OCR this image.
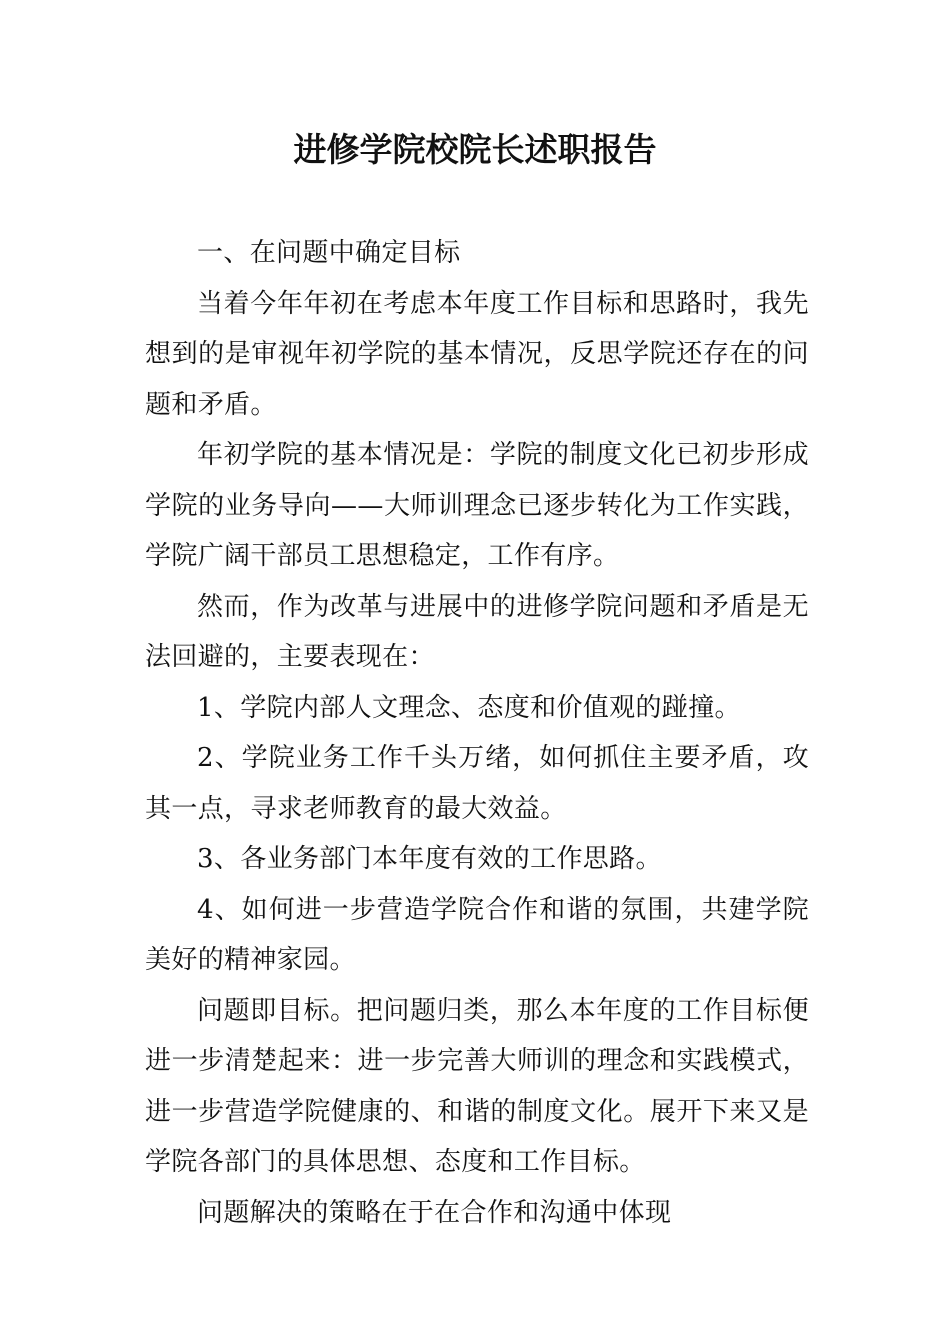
进修学院校院长述职报告

一、在问题中确定目标

当着今年年初在考虑本年度工作目标和思路时，我先想到的是审视年初学院的基本情况，反思学院还存在的问题和矛盾。

年初学院的基本情况是：学院的制度文化已初步形成学院的业务导向——大师训理念已逐步转化为工作实践，学院广阔干部员工思想稳定，工作有序。

然而，作为改革与进展中的进修学院问题和矛盾是无法回避的，主要表现在：

1、学院内部人文理念、态度和价值观的踫撞。

2、学院业务工作千头万绪，如何抓住主要矛盾，攻其一点，寻求老师教育的最大效益。

3、各业务部门本年度有效的工作思路。

4、如何进一步营造学院合作和谐的氛围，共建学院美好的精神家园。

问题即目标。把问题归类，那么本年度的工作目标便进一步清楚起来：进一步完善大师训的理念和实践模式，进一步营造学院健康的、和谐的制度文化。展开下来又是学院各部门的具体思想、态度和工作目标。

问题解决的策略在于在合作和沟通中体现
